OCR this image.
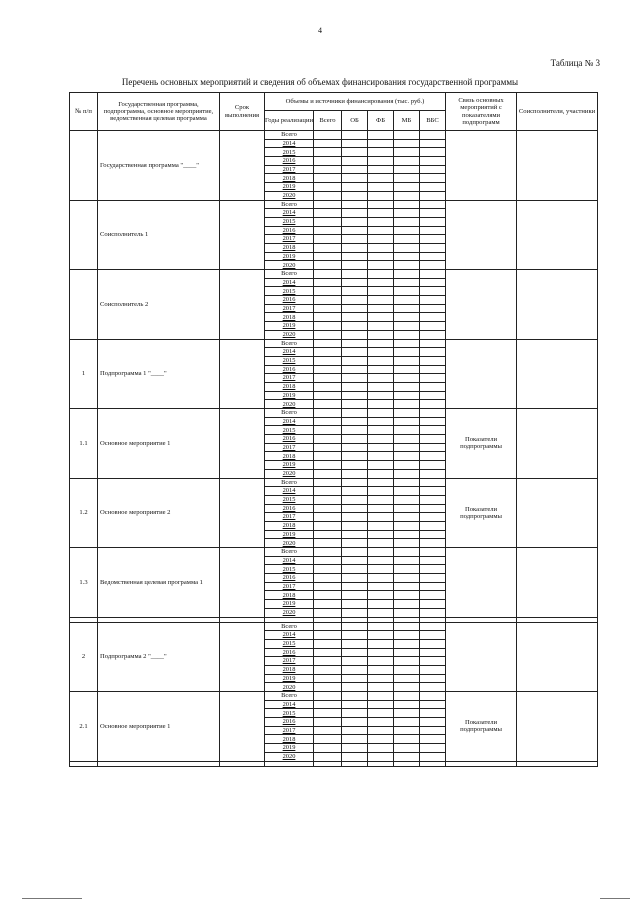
4
Таблица № 3
Перечень основных мероприятий и сведения об объемах финансирования государственной программы
№ п/п	Государственная программа, подпрограмма, основное мероприятие, ведомственная целевая программа	Срок выполнения	Объемы и источники финансирования (тыс. руб.)						Связь основных мероприятий с показателями подпрограмм	Соисполнители, участники
			Годы реализации	Всего	ОБ	ФБ	МБ	ВБС		
	Государственная программа "____"		Всего							
			2014							
			2015							
			2016							
			2017							
			2018							
			2019							
			2020							
	Соисполнитель 1		Всего							
			2014							
			2015							
			2016							
			2017							
			2018							
			2019							
			2020							
	Соисполнитель 2		Всего							
			2014							
			2015							
			2016							
			2017							
			2018							
			2019							
			2020							
1	Подпрограмма 1 "____"		Всего							
			2014							
			2015							
			2016							
			2017							
			2018							
			2019							
			2020							
1.1	Основное мероприятие 1		Всего						Показатели подпрограммы	
			2014							
			2015							
			2016							
			2017							
			2018							
			2019							
			2020							
1.2	Основное мероприятие 2		Всего						Показатели подпрограммы	
			2014							
			2015							
			2016							
			2017							
			2018							
			2019							
			2020							
1.3	Ведомственная целевая программа 1		Всего							
			2014							
			2015							
			2016							
			2017							
			2018							
			2019							
			2020							

2	Подпрограмма 2 "____"		Всего							
			2014							
			2015							
			2016							
			2017							
			2018							
			2019							
			2020							
2.1	Основное мероприятие 1		Всего						Показатели подпрограммы	
			2014							
			2015							
			2016							
			2017							
			2018							
			2019							
			2020							
